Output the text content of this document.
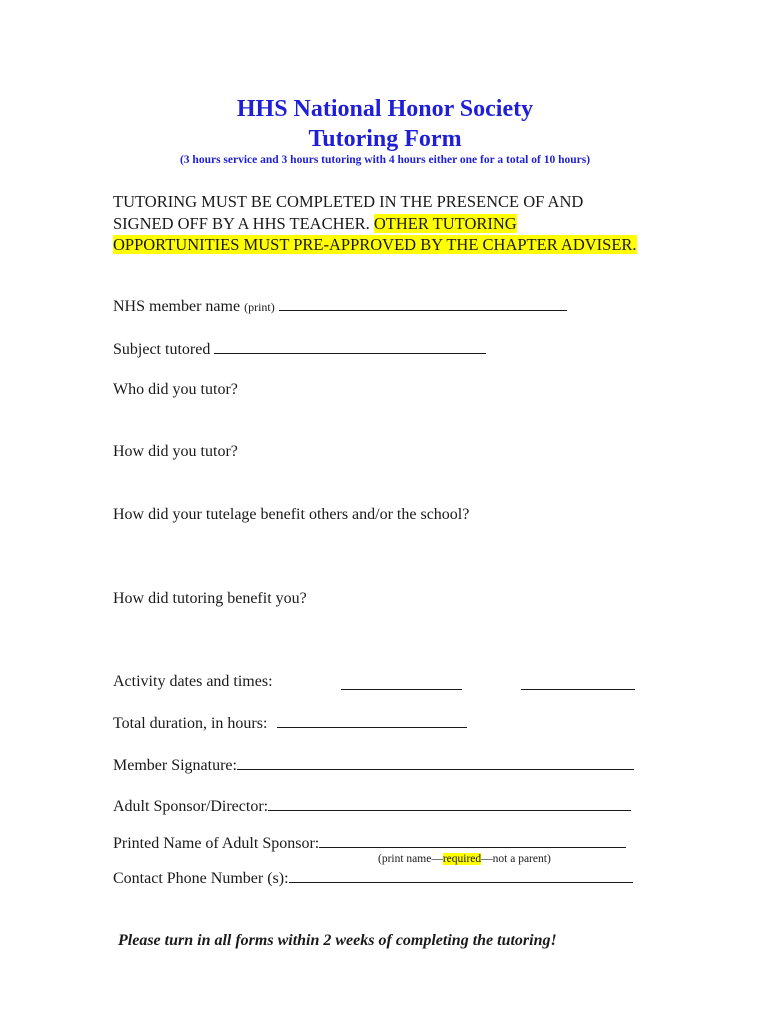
HHS National Honor Society
Tutoring Form
(3 hours service and 3 hours tutoring with 4 hours either one for a total of 10 hours)
TUTORING MUST BE COMPLETED IN THE PRESENCE OF AND SIGNED OFF BY A HHS TEACHER. OTHER TUTORING OPPORTUNITIES MUST PRE-APPROVED BY THE CHAPTER ADVISER.
NHS member name (print)
Subject tutored
Who did you tutor?
How did you tutor?
How did your tutelage benefit others and/or the school?
How did tutoring benefit you?
Activity dates and times:
Total duration, in hours:
Member Signature:
Adult Sponsor/Director:
Printed Name of Adult Sponsor:
(print name—required—not a parent)
Contact Phone Number (s):
Please turn in all forms within 2 weeks of completing the tutoring!
